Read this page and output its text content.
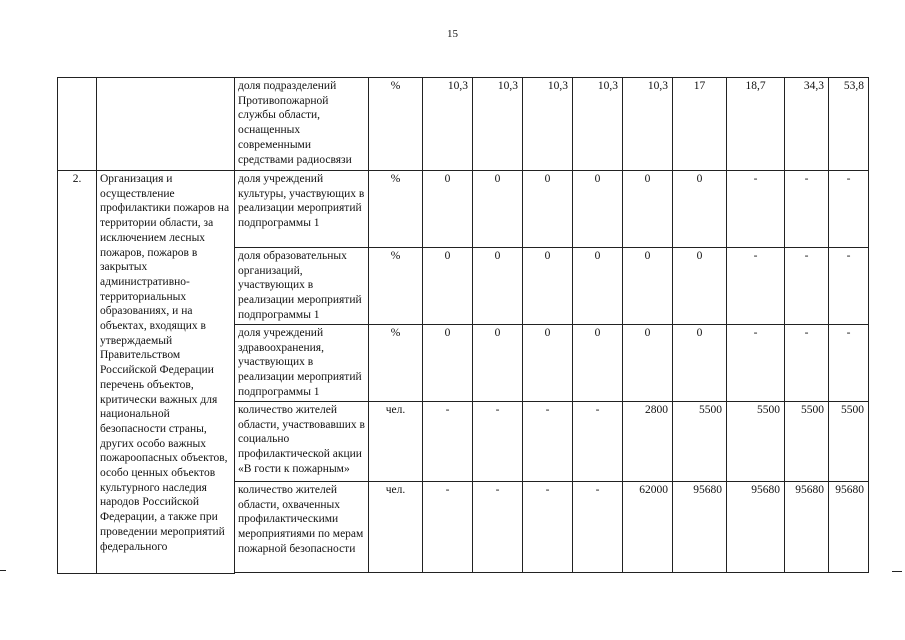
15
		доля подразделений Противопожарной службы области, оснащенных современными средствами радиосвязи	%	10,3	10,3	10,3	10,3	10,3	17	18,7	34,3	53,8
2.	Организация и осуществление профилактики пожаров на территории области, за исключением лесных пожаров, пожаров в закрытых административно-территориальных образованиях, и на объектах, входящих в утверждаемый Правительством Российской Федерации перечень объектов, критически важных для национальной безопасности страны, других особо важных пожароопасных объектов, особо ценных объектов культурного наследия народов Российской Федерации, а также при проведении мероприятий федерального	доля учреждений культуры, участвующих в реализации мероприятий подпрограммы 1	%	0	0	0	0	0	0	-	-	-
		доля образовательных организаций, участвующих в реализации мероприятий подпрограммы 1	%	0	0	0	0	0	0	-	-	-
		доля учреждений здравоохранения, участвующих в реализации мероприятий подпрограммы 1	%	0	0	0	0	0	0	-	-	-
		количество жителей области, участвовавших в социально профилактической акции «В гости к пожарным»	чел.	-	-	-	-	2800	5500	5500	5500	5500
		количество жителей области, охваченных профилактическими мероприятиями по мерам пожарной безопасности	чел.	-	-	-	-	62000	95680	95680	95680	95680
